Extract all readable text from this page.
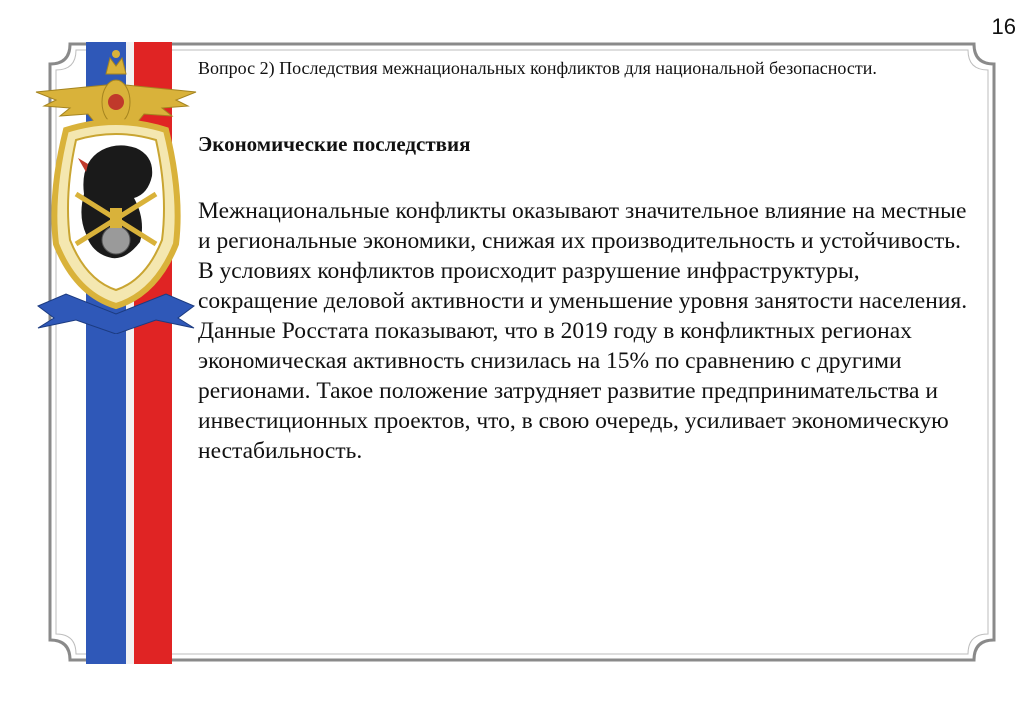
16
Вопрос 2) Последствия межнациональных конфликтов для национальной безопасности.
Экономические последствия
Межнациональные конфликты оказывают значительное влияние на местные и региональные экономики, снижая их производительность и устойчивость. В условиях конфликтов происходит разрушение инфраструктуры, сокращение деловой активности и уменьшение уровня занятости населения. Данные Росстата показывают, что в 2019 году в конфликтных регионах экономическая активность снизилась на 15% по сравнению с другими регионами. Такое положение затрудняет развитие предпринимательства и инвестиционных проектов, что, в свою очередь, усиливает экономическую нестабильность.
